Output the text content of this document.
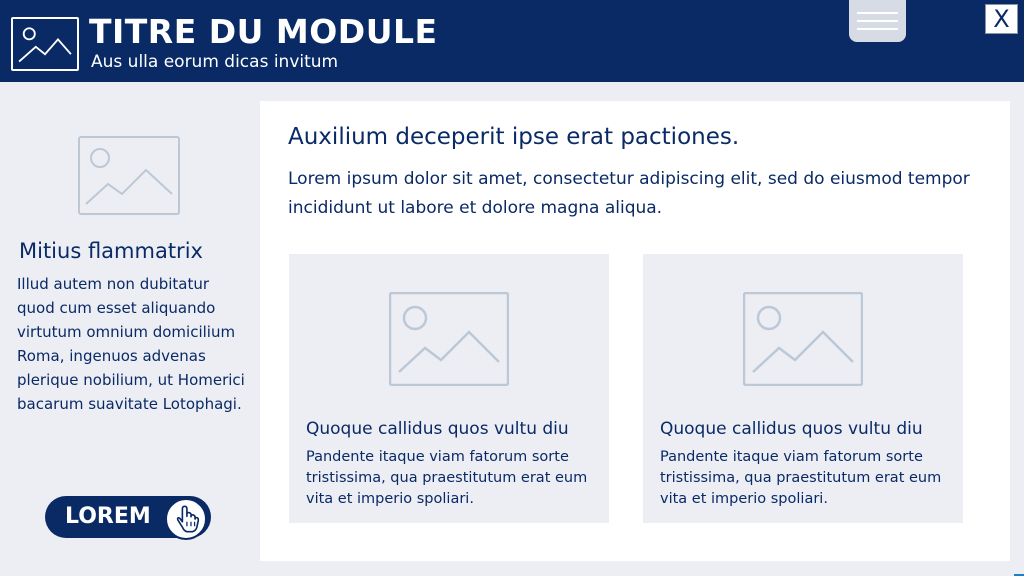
TITRE DU MODULE
Aus ulla eorum dicas invitum
X
Mitius flammatrix
Illud autem non dubitatur quod cum esset aliquando virtutum omnium domicilium Roma, ingenuos advenas plerique nobilium, ut Homerici bacarum suavitate Lotophagi.
LOREM
Auxilium deceperit ipse erat pactiones.
Lorem ipsum dolor sit amet, consectetur adipiscing elit, sed do eiusmod tempor incididunt ut labore et dolore magna aliqua.
Quoque callidus quos vultu diu
Pandente itaque viam fatorum sorte tristissima, qua praestitutum erat eum vita et imperio spoliari.
Quoque callidus quos vultu diu
Pandente itaque viam fatorum sorte tristissima, qua praestitutum erat eum vita et imperio spoliari.
